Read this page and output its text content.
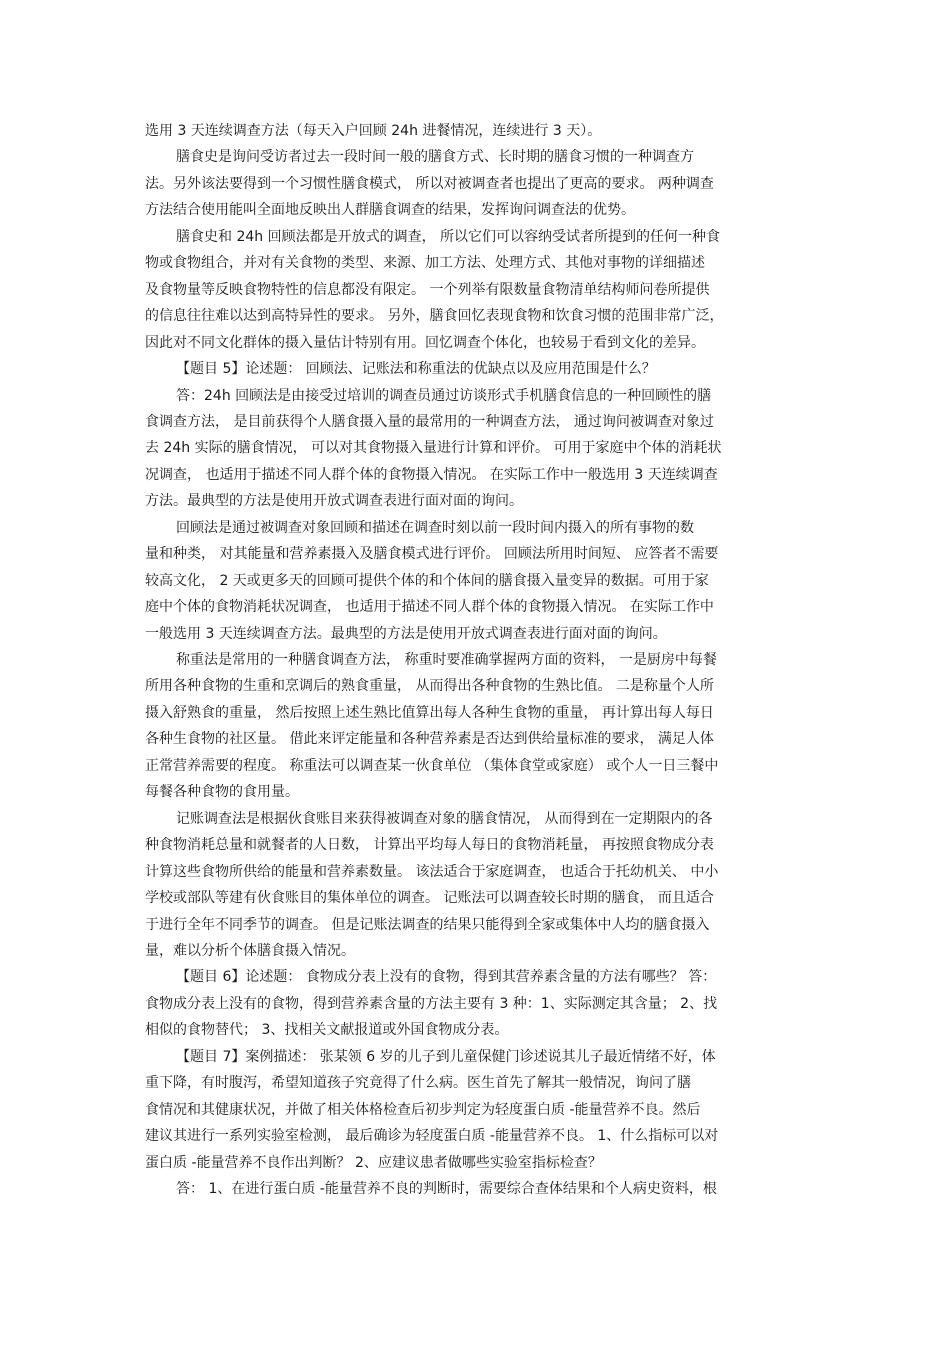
选用 3 天连续调查方法（每天入户回顾 24h 进餐情况，连续进行 3 天）。
膳食史是询问受访者过去一段时间一般的膳食方式、长时期的膳食习惯的一种调查方
法。另外该法要得到一个习惯性膳食模式， 所以对被调查者也提出了更高的要求。 两种调查
方法结合使用能叫全面地反映出人群膳食调查的结果，发挥询问调查法的优势。
膳食史和 24h 回顾法都是开放式的调查， 所以它们可以容纳受试者所提到的任何一种食
物或食物组合，并对有关食物的类型、来源、加工方法、处理方式、其他对事物的详细描述
及食物量等反映食物特性的信息都没有限定。 一个列举有限数量食物清单结构师问卷所提供
的信息往往难以达到高特异性的要求。 另外，膳食回忆表现食物和饮食习惯的范围非常广泛，
因此对不同文化群体的摄入量估计特别有用。回忆调查个体化，也较易于看到文化的差异。
【题目 5】论述题： 回顾法、记账法和称重法的优缺点以及应用范围是什么？
答：24h 回顾法是由接受过培训的调查员通过访谈形式手机膳食信息的一种回顾性的膳
食调查方法， 是目前获得个人膳食摄入量的最常用的一种调查方法， 通过询问被调查对象过
去 24h 实际的膳食情况， 可以对其食物摄入量进行计算和评价。 可用于家庭中个体的消耗状
况调查， 也适用于描述不同人群个体的食物摄入情况。 在实际工作中一般选用 3 天连续调查
方法。最典型的方法是使用开放式调查表进行面对面的询问。
回顾法是通过被调查对象回顾和描述在调查时刻以前一段时间内摄入的所有事物的数
量和种类， 对其能量和营养素摄入及膳食模式进行评价。 回顾法所用时间短、 应答者不需要
较高文化， 2 天或更多天的回顾可提供个体的和个体间的膳食摄入量变异的数据。可用于家
庭中个体的食物消耗状况调查， 也适用于描述不同人群个体的食物摄入情况。 在实际工作中
一般选用 3 天连续调查方法。最典型的方法是使用开放式调查表进行面对面的询问。
称重法是常用的一种膳食调查方法， 称重时要准确掌握两方面的资料， 一是厨房中每餐
所用各种食物的生重和烹调后的熟食重量， 从而得出各种食物的生熟比值。 二是称量个人所
摄入舒熟食的重量， 然后按照上述生熟比值算出每人各种生食物的重量， 再计算出每人每日
各种生食物的社区量。 借此来评定能量和各种营养素是否达到供给量标准的要求， 满足人体
正常营养需要的程度。 称重法可以调查某一伙食单位 （集体食堂或家庭） 或个人一日三餐中
每餐各种食物的食用量。
记账调查法是根据伙食账目来获得被调查对象的膳食情况， 从而得到在一定期限内的各
种食物消耗总量和就餐者的人日数， 计算出平均每人每日的食物消耗量， 再按照食物成分表
计算这些食物所供给的能量和营养素数量。 该法适合于家庭调查， 也适合于托幼机关、 中小
学校或部队等建有伙食账目的集体单位的调查。 记账法可以调查较长时期的膳食， 而且适合
于进行全年不同季节的调查。 但是记账法调查的结果只能得到全家或集体中人均的膳食摄入
量，难以分析个体膳食摄入情况。
【题目 6】论述题： 食物成分表上没有的食物，得到其营养素含量的方法有哪些？ 答：
食物成分表上没有的食物，得到营养素含量的方法主要有 3 种：1、实际测定其含量； 2、找
相似的食物替代； 3、找相关文献报道或外国食物成分表。
【题目 7】案例描述： 张某领 6 岁的儿子到儿童保健门诊述说其儿子最近情绪不好，体
重下降，有时腹泻，希望知道孩子究竟得了什么病。医生首先了解其一般情况，询问了膳
食情况和其健康状况，并做了相关体格检查后初步判定为轻度蛋白质 -能量营养不良。然后
建议其进行一系列实验室检测， 最后确诊为轻度蛋白质 -能量营养不良。 1、什么指标可以对
蛋白质 -能量营养不良作出判断？ 2、应建议患者做哪些实验室指标检查？
答： 1、在进行蛋白质 -能量营养不良的判断时，需要综合查体结果和个人病史资料，根
